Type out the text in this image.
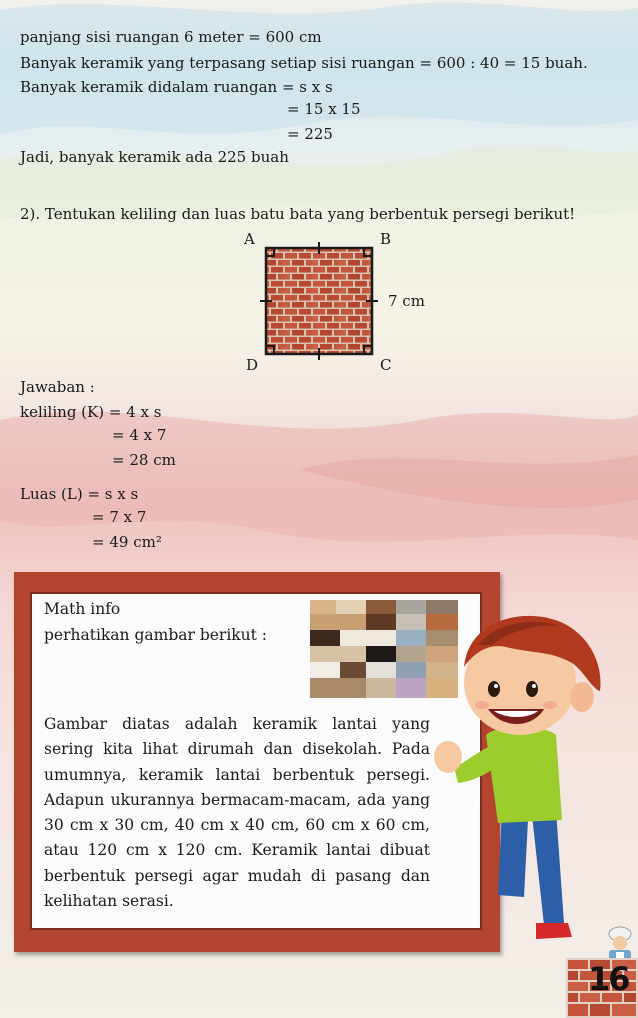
panjang sisi ruangan 6 meter = 600 cm
Banyak keramik yang terpasang setiap sisi ruangan = 600 : 40 = 15 buah.
Banyak keramik didalam ruangan = s x s
= 15 x 15
= 225
Jadi, banyak keramik ada 225 buah
2). Tentukan keliling dan luas batu bata yang berbentuk persegi berikut!
A	B
D	C
7 cm
Jawaban :
keliling (K) = 4 x s
= 4 x 7
= 28 cm
Luas (L) = s x s
= 7 x 7
= 49 cm²
Math info
perhatikan gambar berikut :
Gambar diatas adalah keramik lantai yang sering kita lihat dirumah dan disekolah. Pada umumnya, keramik lantai berbentuk persegi. Adapun ukurannya bermacam-macam, ada yang 30 cm x 30 cm, 40 cm x 40 cm, 60 cm x 60 cm, atau 120 cm x 120 cm. Keramik lantai dibuat berbentuk persegi agar mudah di pasang dan kelihatan serasi.
16
